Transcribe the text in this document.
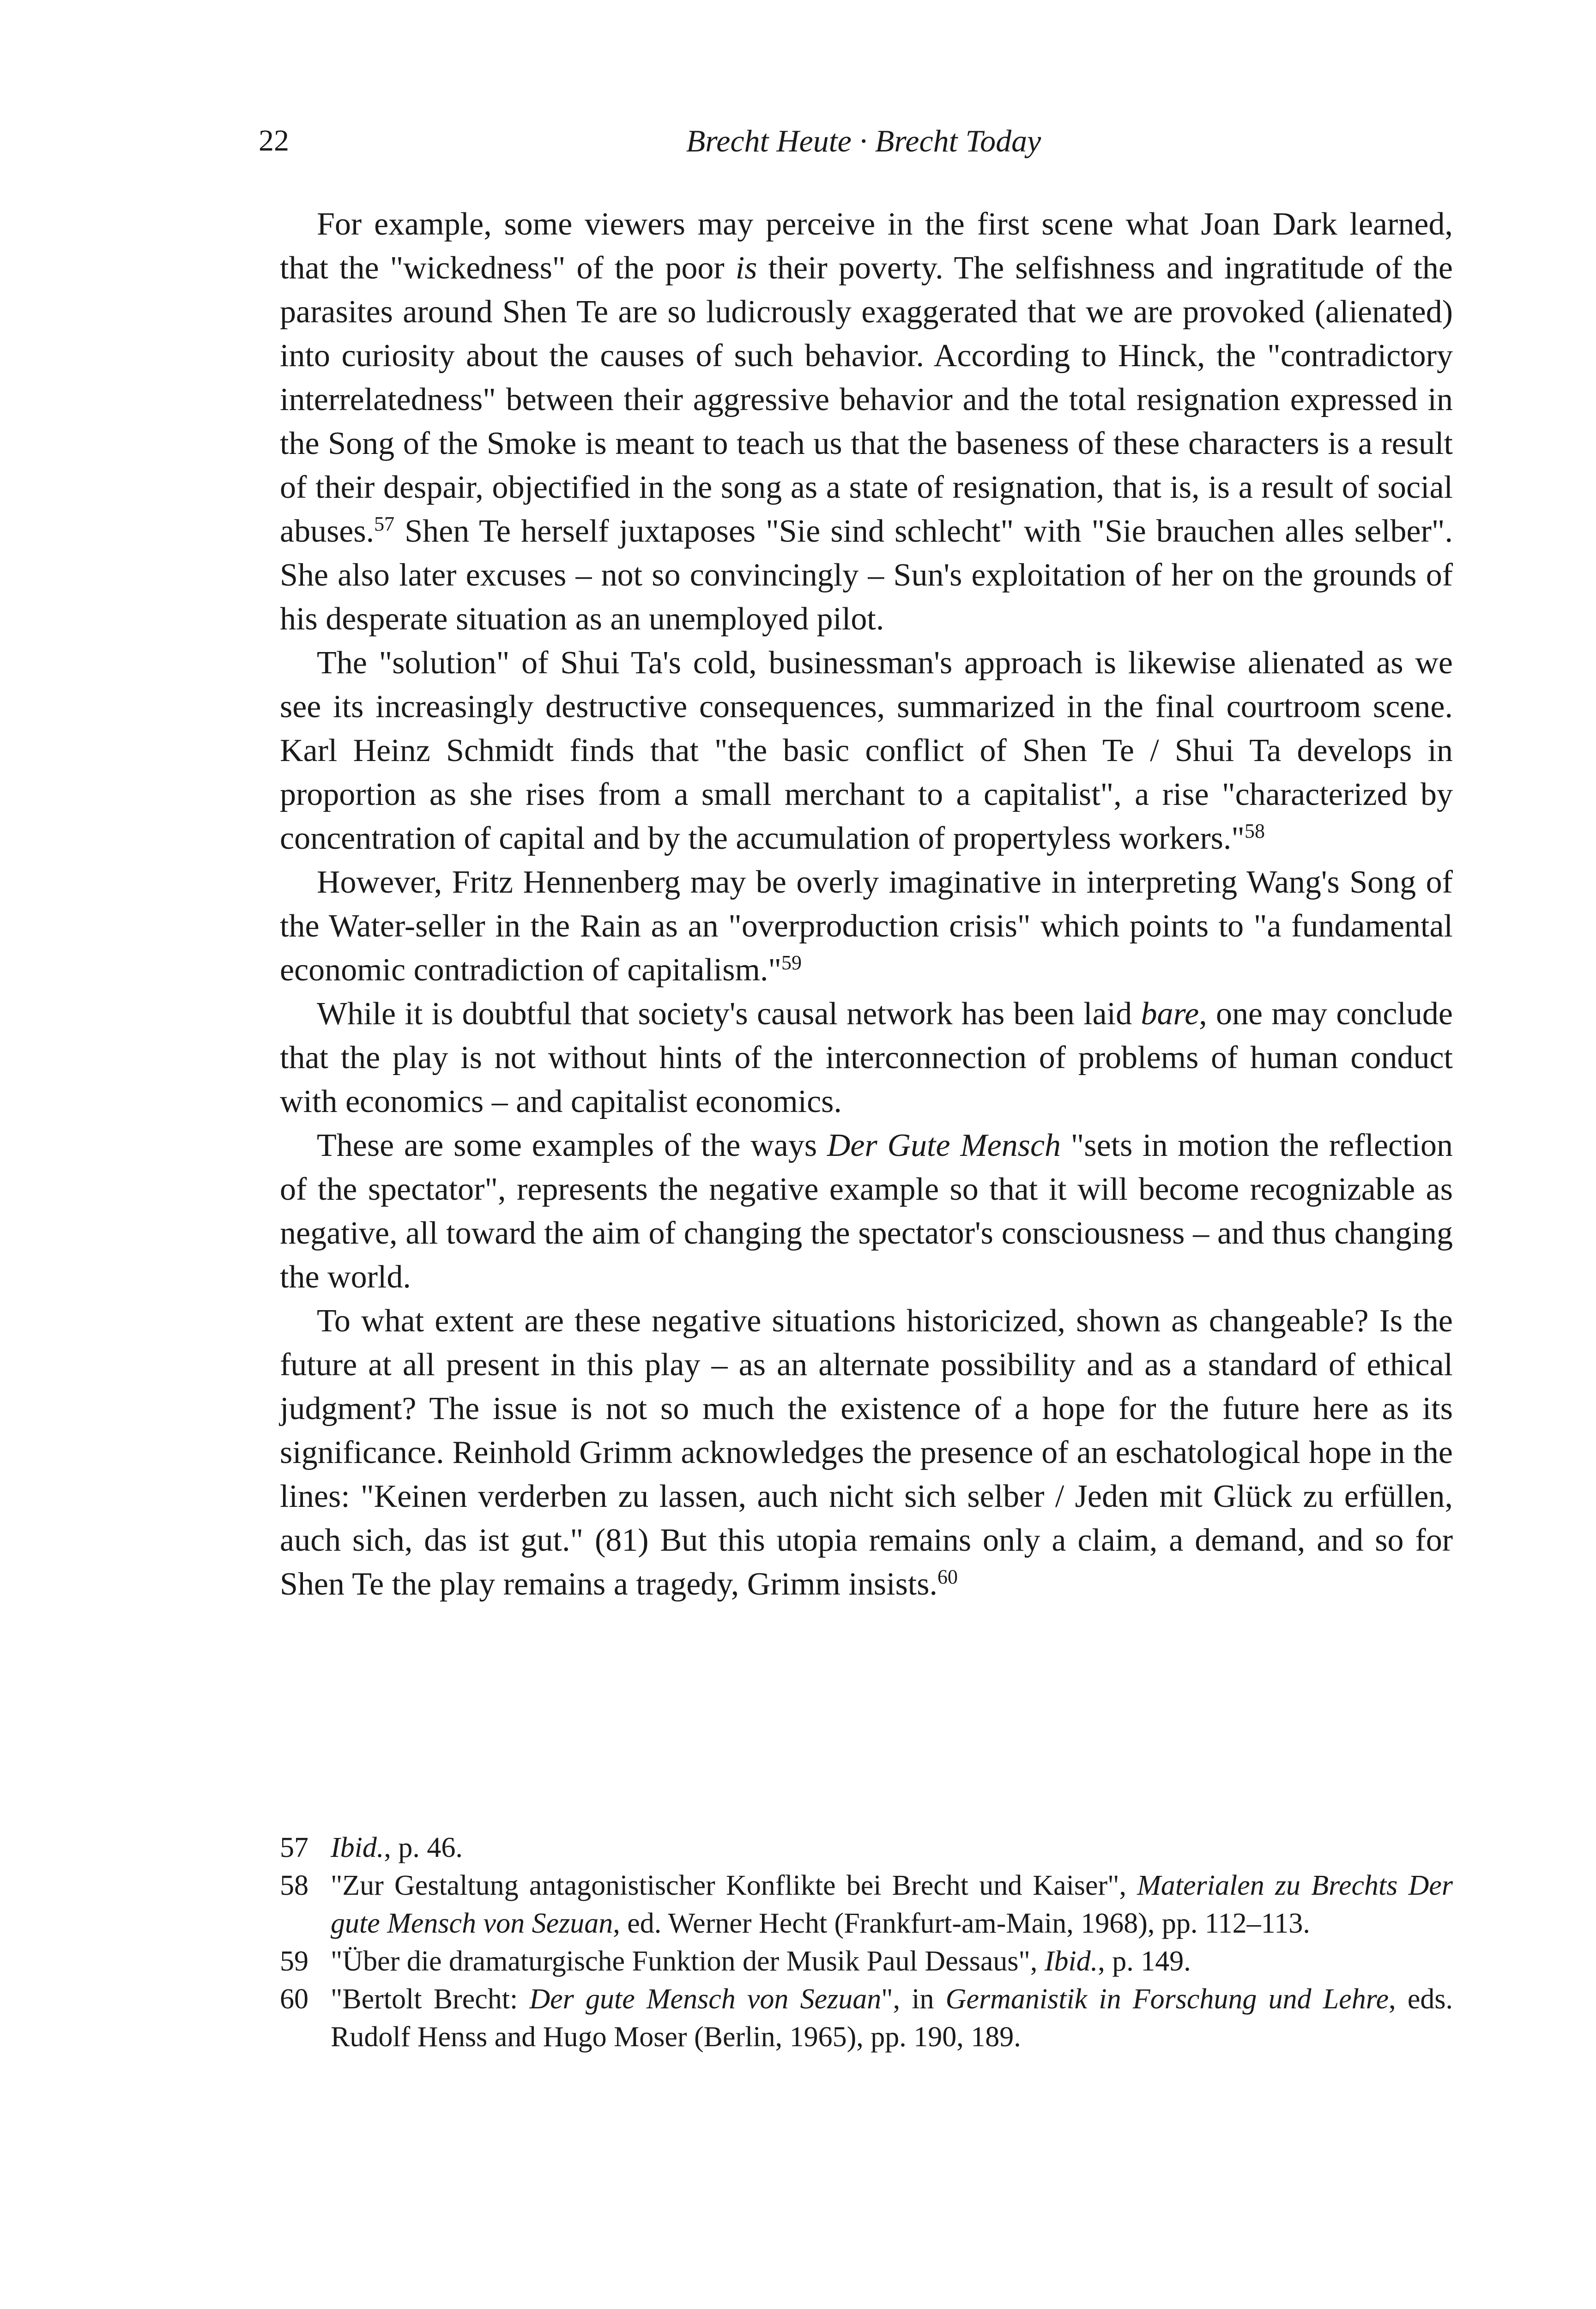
22	Brecht Heute · Brecht Today

For example, some viewers may perceive in the first scene what Joan Dark learned, that the "wickedness" of the poor is their poverty. The selfishness and ingratitude of the parasites around Shen Te are so ludicrously exaggerated that we are provoked (alienated) into curiosity about the causes of such behavior. According to Hinck, the "contradictory interrelatedness" between their aggressive behavior and the total resignation expressed in the Song of the Smoke is meant to teach us that the baseness of these characters is a result of their despair, objectified in the song as a state of resignation, that is, is a result of social abuses.$^{57}$ Shen Te herself juxtaposes "Sie sind schlecht" with "Sie brauchen alles selber". She also later excuses – not so convincingly – Sun's exploitation of her on the grounds of his desperate situation as an unemployed pilot.

The "solution" of Shui Ta's cold, businessman's approach is likewise alienated as we see its increasingly destructive consequences, summarized in the final courtroom scene. Karl Heinz Schmidt finds that "the basic conflict of Shen Te / Shui Ta develops in proportion as she rises from a small merchant to a capitalist", a rise "characterized by concentration of capital and by the accumulation of propertyless workers."$^{58}$

However, Fritz Hennenberg may be overly imaginative in interpreting Wang's Song of the Water-seller in the Rain as an "overproduction crisis" which points to "a fundamental economic contradiction of capitalism."$^{59}$

While it is doubtful that society's causal network has been laid bare, one may conclude that the play is not without hints of the interconnection of problems of human conduct with economics – and capitalist economics.

These are some examples of the ways Der Gute Mensch "sets in motion the reflection of the spectator", represents the negative example so that it will become recognizable as negative, all toward the aim of changing the spectator's consciousness – and thus changing the world.

To what extent are these negative situations historicized, shown as changeable? Is the future at all present in this play – as an alternate possibility and as a standard of ethical judgment? The issue is not so much the existence of a hope for the future here as its significance. Reinhold Grimm acknowledges the presence of an eschatological hope in the lines: "Keinen verderben zu lassen, auch nicht sich selber / Jeden mit Glück zu erfüllen, auch sich, das ist gut." (81) But this utopia remains only a claim, a demand, and so for Shen Te the play remains a tragedy, Grimm insists.$^{60}$

57 Ibid., p. 46.
58 "Zur Gestaltung antagonistischer Konflikte bei Brecht und Kaiser", Materialen zu Brechts Der gute Mensch von Sezuan, ed. Werner Hecht (Frankfurt-am-Main, 1968), pp. 112–113.
59 "Über die dramaturgische Funktion der Musik Paul Dessaus", Ibid., p. 149.
60 "Bertolt Brecht: Der gute Mensch von Sezuan", in Germanistik in Forschung und Lehre, eds. Rudolf Henss and Hugo Moser (Berlin, 1965), pp. 190, 189.
